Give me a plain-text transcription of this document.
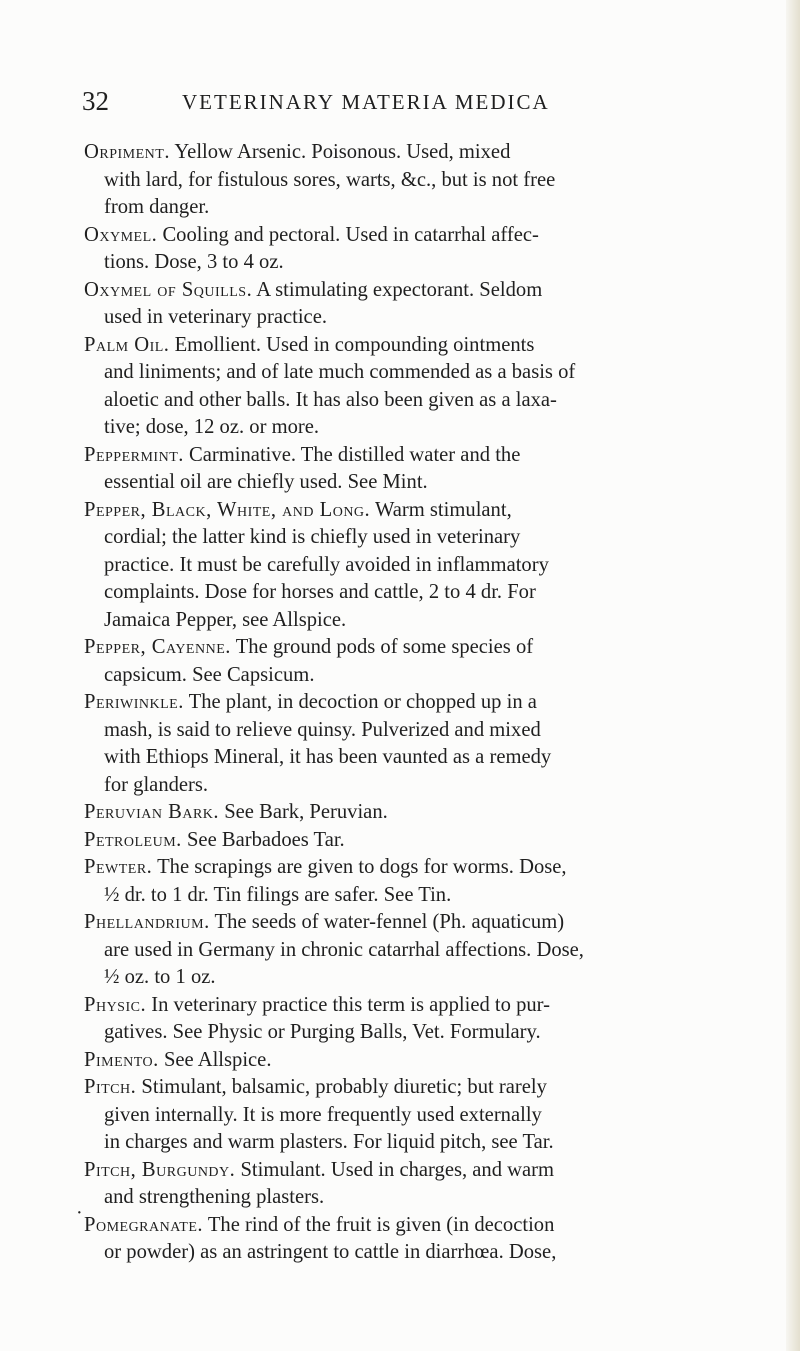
32	VETERINARY MATERIA MEDICA

Orpiment. Yellow Arsenic. Poisonous. Used, mixed
with lard, for fistulous sores, warts, &c., but is not free
from danger.

Oxymel. Cooling and pectoral. Used in catarrhal affec-
tions. Dose, 3 to 4 oz.

Oxymel of Squills. A stimulating expectorant. Seldom
used in veterinary practice.

Palm Oil. Emollient. Used in compounding ointments
and liniments; and of late much commended as a basis of
aloetic and other balls. It has also been given as a laxa-
tive; dose, 12 oz. or more.

Peppermint. Carminative. The distilled water and the
essential oil are chiefly used. See Mint.

Pepper, Black, White, and Long. Warm stimulant,
cordial; the latter kind is chiefly used in veterinary
practice. It must be carefully avoided in inflammatory
complaints. Dose for horses and cattle, 2 to 4 dr. For
Jamaica Pepper, see Allspice.

Pepper, Cayenne. The ground pods of some species of
capsicum. See Capsicum.

Periwinkle. The plant, in decoction or chopped up in a
mash, is said to relieve quinsy. Pulverized and mixed
with Ethiops Mineral, it has been vaunted as a remedy
for glanders.

Peruvian Bark. See Bark, Peruvian.

Petroleum. See Barbadoes Tar.

Pewter. The scrapings are given to dogs for worms. Dose,
½ dr. to 1 dr. Tin filings are safer. See Tin.

Phellandrium. The seeds of water-fennel (Ph. aquaticum)
are used in Germany in chronic catarrhal affections. Dose,
½ oz. to 1 oz.

Physic. In veterinary practice this term is applied to pur-
gatives. See Physic or Purging Balls, Vet. Formulary.

Pimento. See Allspice.

Pitch. Stimulant, balsamic, probably diuretic; but rarely
given internally. It is more frequently used externally
in charges and warm plasters. For liquid pitch, see Tar.

Pitch, Burgundy. Stimulant. Used in charges, and warm
and strengthening plasters.

Pomegranate. The rind of the fruit is given (in decoction
or powder) as an astringent to cattle in diarrhœa. Dose,

·
